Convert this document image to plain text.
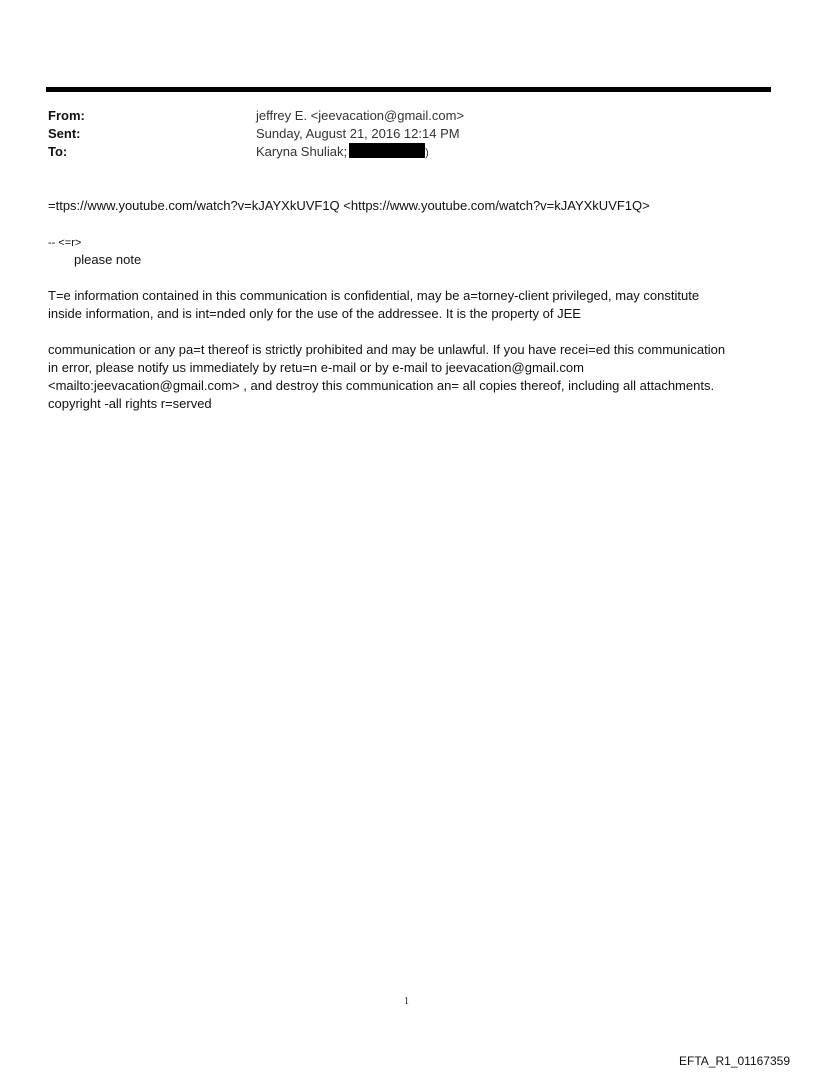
From:	jeffrey E. <jeevacation@gmail.com>
Sent:	Sunday, August 21, 2016 12:14 PM
To:	Karyna Shuliak;	)
=ttps://www.youtube.com/watch?v=kJAYXkUVF1Q <https://www.youtube.com/watch?v=kJAYXkUVF1Q>
-- <=r>
please note
T=e information contained in this communication is confidential, may be a=torney-client privileged, may constitute
inside information, and is int=nded only for the use of the addressee. It is the property of JEE
communication or any pa=t thereof is strictly prohibited and may be unlawful. If you have recei=ed this communication
in error, please notify us immediately by retu=n e-mail or by e-mail to jeevacation@gmail.com
<mailto:jeevacation@gmail.com> , and destroy this communication an= all copies thereof, including all attachments.
copyright -all rights r=served
1
EFTA_R1_01167359
